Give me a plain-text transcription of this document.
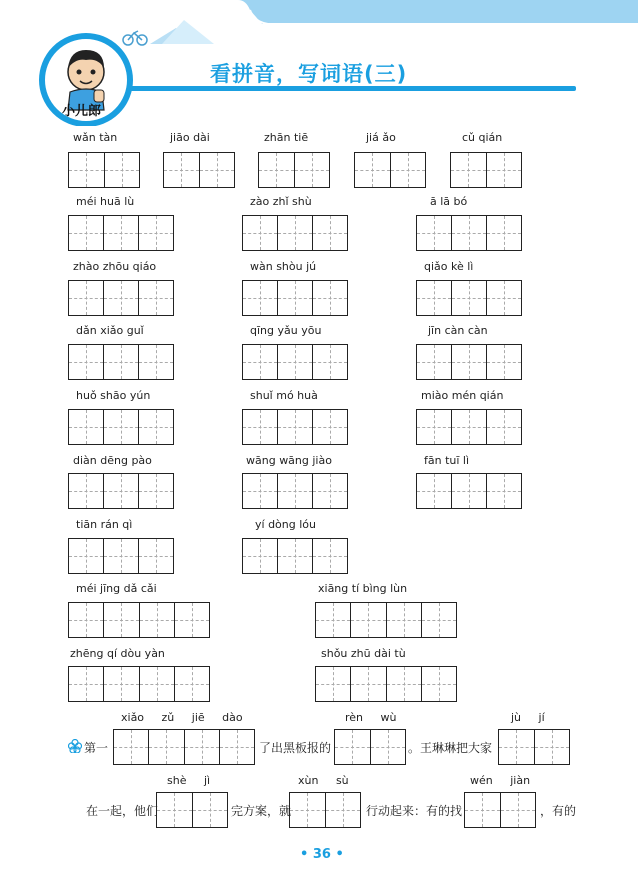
小儿郎
看拼音，写词语(三)
wǎn tàn	jiāo dài	zhān tiē	jiá ǎo	cǔ qián
méi huā lù	zào zhǐ shù	ā lā bó
zhào zhōu qiáo	wàn shòu jú	qiǎo kè lì
dǎn xiǎo guǐ	qīng yǎu yōu	jīn càn càn
huǒ shāo yún	shuǐ mó huà	miào mén qián
diàn dēng pào	wāng wāng jiào	fān tuī lì
tiān rán qì	yí dòng lóu
méi jīng dǎ cǎi	xiāng tí bìng lùn
zhēng qí dòu yàn	shǒu zhū dài tù
xiǎo zǔ jiē dào	rèn wù	jù jí
第一	了出黑板报的	。王琳琳把大家
shè jì	xùn sù	wén jiàn
在一起，他们	完方案，就	行动起来：有的找	，有的
• 36 •
